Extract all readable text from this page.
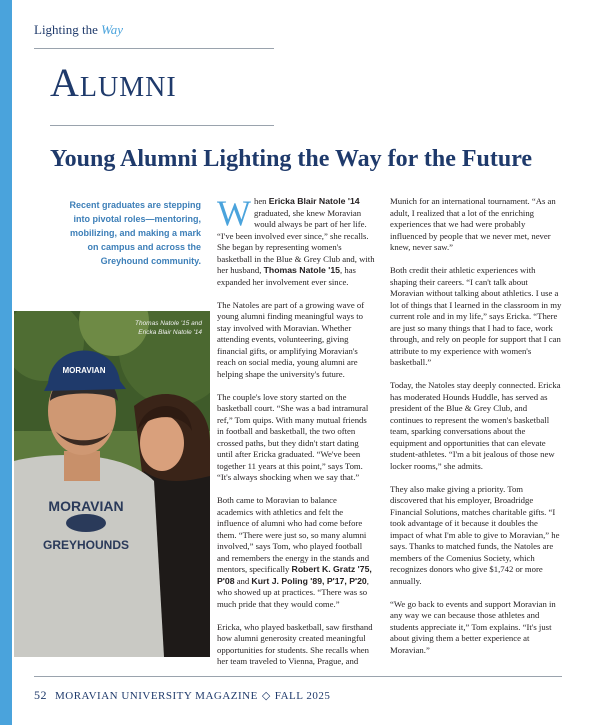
Lighting the Way
Alumni
Young Alumni Lighting the Way for the Future
Recent graduates are stepping into pivotal roles—mentoring, mobilizing, and making a mark on campus and across the Greyhound community.
MORAVIAN
MORAVIAN
GREYHOUNDS
Thomas Natole '15 and
Ericka Blair Natole '14

When Ericka Blair Natole '14 graduated, she knew Moravian would always be part of her life. “I've been involved ever since,” she recalls. She began by representing women's basketball in the Blue & Grey Club and, with her husband, Thomas Natole '15, has expanded her involvement ever since.

The Natoles are part of a growing wave of young alumni finding meaningful ways to stay involved with Moravian. Whether attending events, volunteering, giving financial gifts, or amplifying Moravian's reach on social media, young alumni are helping shape the university's future.

The couple's love story started on the basketball court. “She was a bad intramural ref,” Tom quips. With many mutual friends in football and basketball, the two often crossed paths, but they didn't start dating until after Ericka graduated. “We've been together 11 years at this point,” says Tom. “It's always shocking when we say that.”

Both came to Moravian to balance academics with athletics and felt the influence of alumni who had come before them. “There were just so, so many alumni involved,” says Tom, who played football and remembers the energy in the stands and mentors, specifically Robert K. Gratz '75, P'08 and Kurt J. Poling '89, P'17, P'20, who showed up at practices. “There was so much pride that they would come.”

Ericka, who played basketball, saw firsthand how alumni generosity created meaningful opportunities for students. She recalls when her team traveled to Vienna, Prague, and

Munich for an international tournament. “As an adult, I realized that a lot of the enriching experiences that we had were probably influenced by people that we never met, never knew, never saw.”

Both credit their athletic experiences with shaping their careers. “I can't talk about Moravian without talking about athletics. I use a lot of things that I learned in the classroom in my current role and in my life,” says Ericka. “There are just so many things that I had to face, work through, and rely on people for support that I can attribute to my experience with women's basketball.”

Today, the Natoles stay deeply connected. Ericka has moderated Hounds Huddle, has served as president of the Blue & Grey Club, and continues to represent the women's basketball team, sparking conversations about the equipment and opportunities that can elevate student-athletes. “I'm a bit jealous of those new locker rooms,” she admits.

They also make giving a priority. Tom discovered that his employer, Broadridge Financial Solutions, matches charitable gifts. “I took advantage of it because it doubles the impact of what I'm able to give to Moravian,” he says. Thanks to matched funds, the Natoles are members of the Comenius Society, which recognizes donors who give $1,742 or more annually.

“We go back to events and support Moravian in any way we can because those athletes and students appreciate it,” Tom explains. “It's just about giving them a better experience at Moravian.”

52 MORAVIAN UNIVERSITY MAGAZINE ◇ FALL 2025
